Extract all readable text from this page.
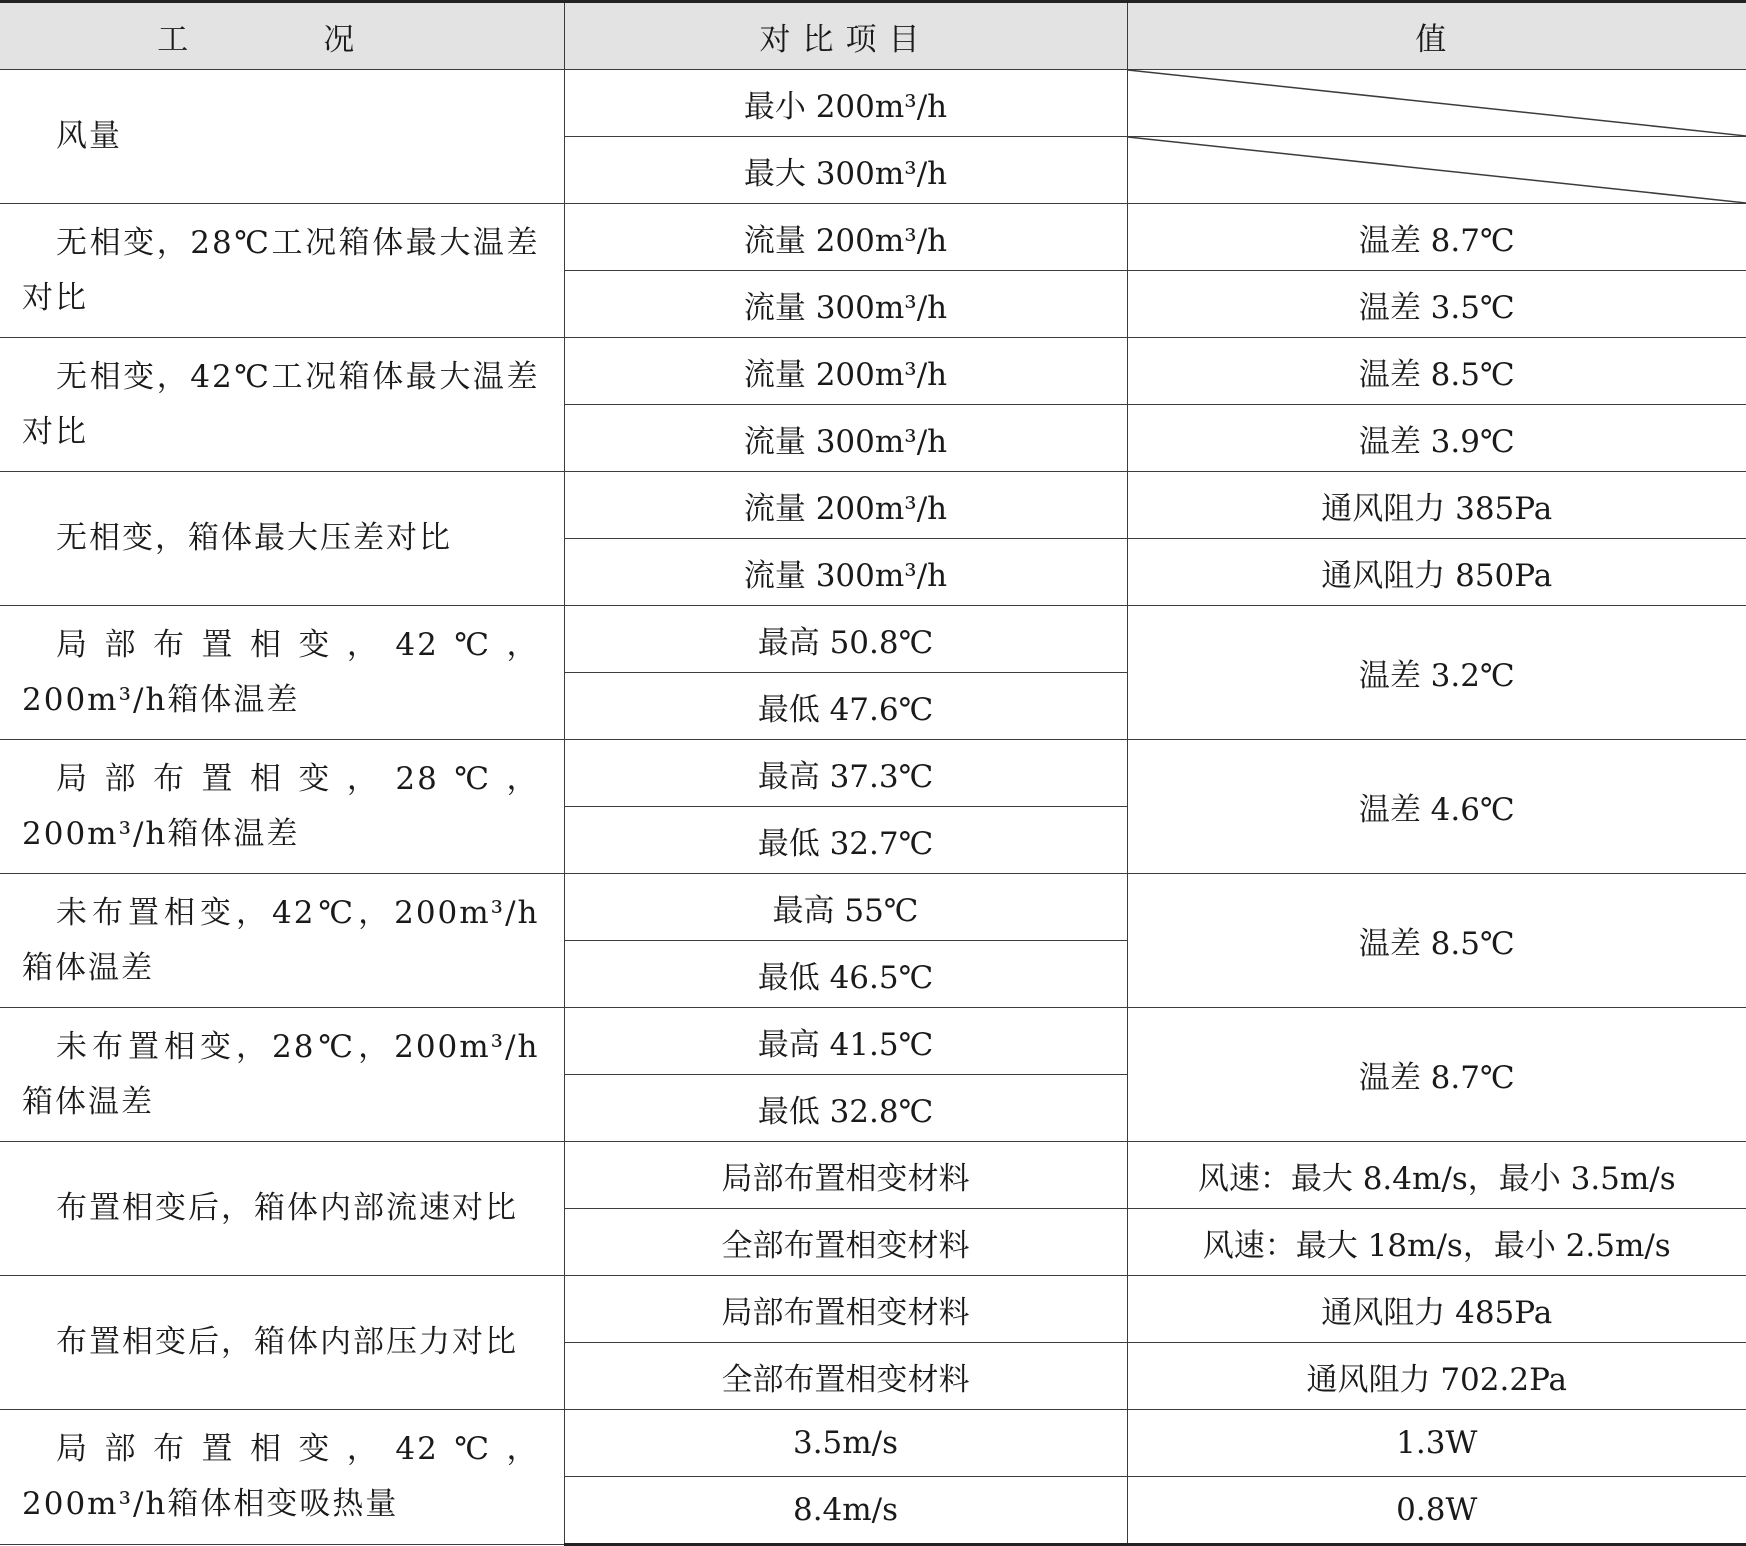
工　况	对比项目	值
风量	最小 200m³/h	

	最大 300m³/h	

无相变，28℃工况箱体最大温差对比	流量 200m³/h	温差 8.7℃
	流量 300m³/h	温差 3.5℃
无相变，42℃工况箱体最大温差对比	流量 200m³/h	温差 8.5℃
	流量 300m³/h	温差 3.9℃
无相变，箱体最大压差对比	流量 200m³/h	通风阻力 385Pa
	流量 300m³/h	通风阻力 850Pa
局部布置相变，42℃，200m³/h箱体温差	最高 50.8℃	温差 3.2℃
	最低 47.6℃	
局部布置相变，28℃，200m³/h箱体温差	最高 37.3℃	温差 4.6℃
	最低 32.7℃	
未布置相变，42℃，200m³/h 箱体温差	最高 55℃	温差 8.5℃
	最低 46.5℃	
未布置相变，28℃，200m³/h 箱体温差	最高 41.5℃	温差 8.7℃
	最低 32.8℃	
布置相变后，箱体内部流速对比	局部布置相变材料	风速：最大 8.4m/s，最小 3.5m/s
	全部布置相变材料	风速：最大 18m/s，最小 2.5m/s
布置相变后，箱体内部压力对比	局部布置相变材料	通风阻力 485Pa
	全部布置相变材料	通风阻力 702.2Pa
局部布置相变，42℃，200m³/h箱体相变吸热量	3.5m/s	1.3W
	8.4m/s	0.8W
